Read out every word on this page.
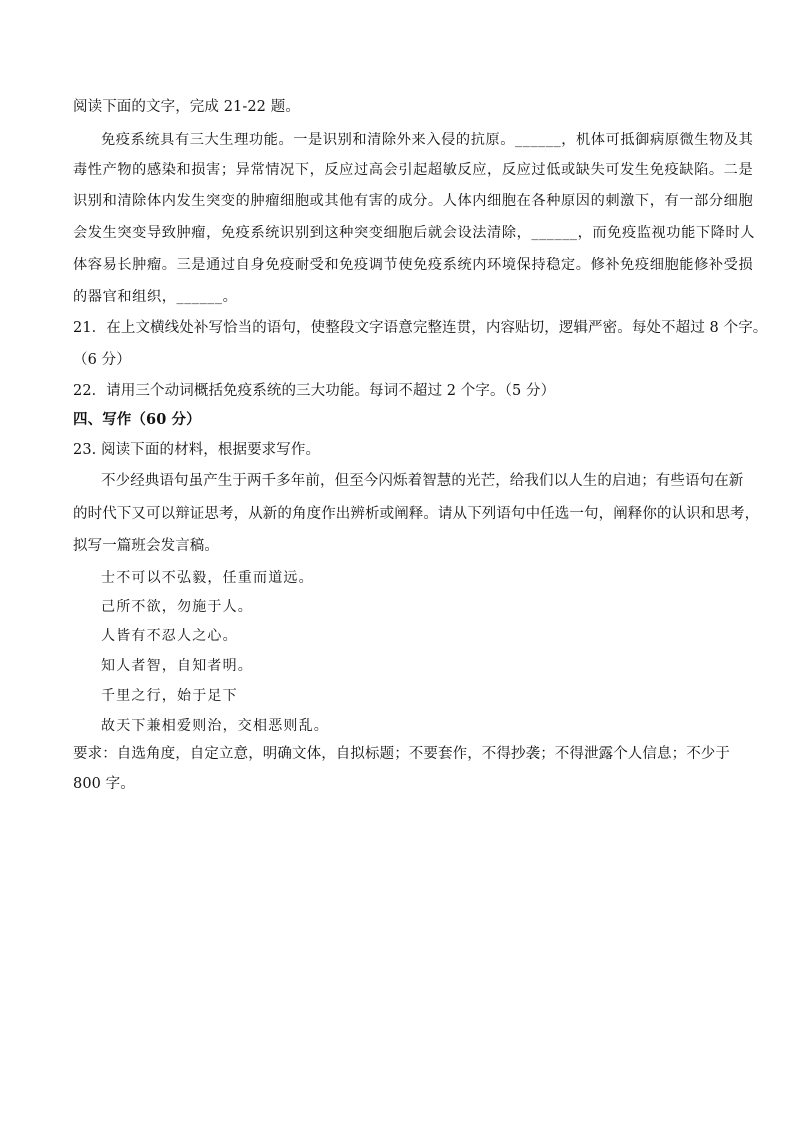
阅读下面的文字，完成 21-22 题。
免疫系统具有三大生理功能。一是识别和清除外来入侵的抗原。______，机体可抵御病原微生物及其
毒性产物的感染和损害；异常情况下，反应过高会引起超敏反应，反应过低或缺失可发生免疫缺陷。二是
识别和清除体内发生突变的肿瘤细胞或其他有害的成分。人体内细胞在各种原因的刺激下，有一部分细胞
会发生突变导致肿瘤，免疫系统识别到这种突变细胞后就会设法清除，______，而免疫监视功能下降时人
体容易长肿瘤。三是通过自身免疫耐受和免疫调节使免疫系统内环境保持稳定。修补免疫细胞能修补受损
的器官和组织，______。
21．在上文横线处补写恰当的语句，使整段文字语意完整连贯，内容贴切，逻辑严密。每处不超过 8 个字。
（6 分）
22．请用三个动词概括免疫系统的三大功能。每词不超过 2 个字。（5 分）
四、写作（60 分）
23. 阅读下面的材料，根据要求写作。
不少经典语句虽产生于两千多年前，但至今闪烁着智慧的光芒，给我们以人生的启迪；有些语句在新
的时代下又可以辩证思考，从新的角度作出辨析或阐释。请从下列语句中任选一句，阐释你的认识和思考，
拟写一篇班会发言稿。
士不可以不弘毅，任重而道远。
己所不欲，勿施于人。
人皆有不忍人之心。
知人者智，自知者明。
千里之行，始于足下
故天下兼相爱则治，交相恶则乱。
要求：自选角度，自定立意，明确文体，自拟标题；不要套作，不得抄袭；不得泄露个人信息；不少于
800 字。
